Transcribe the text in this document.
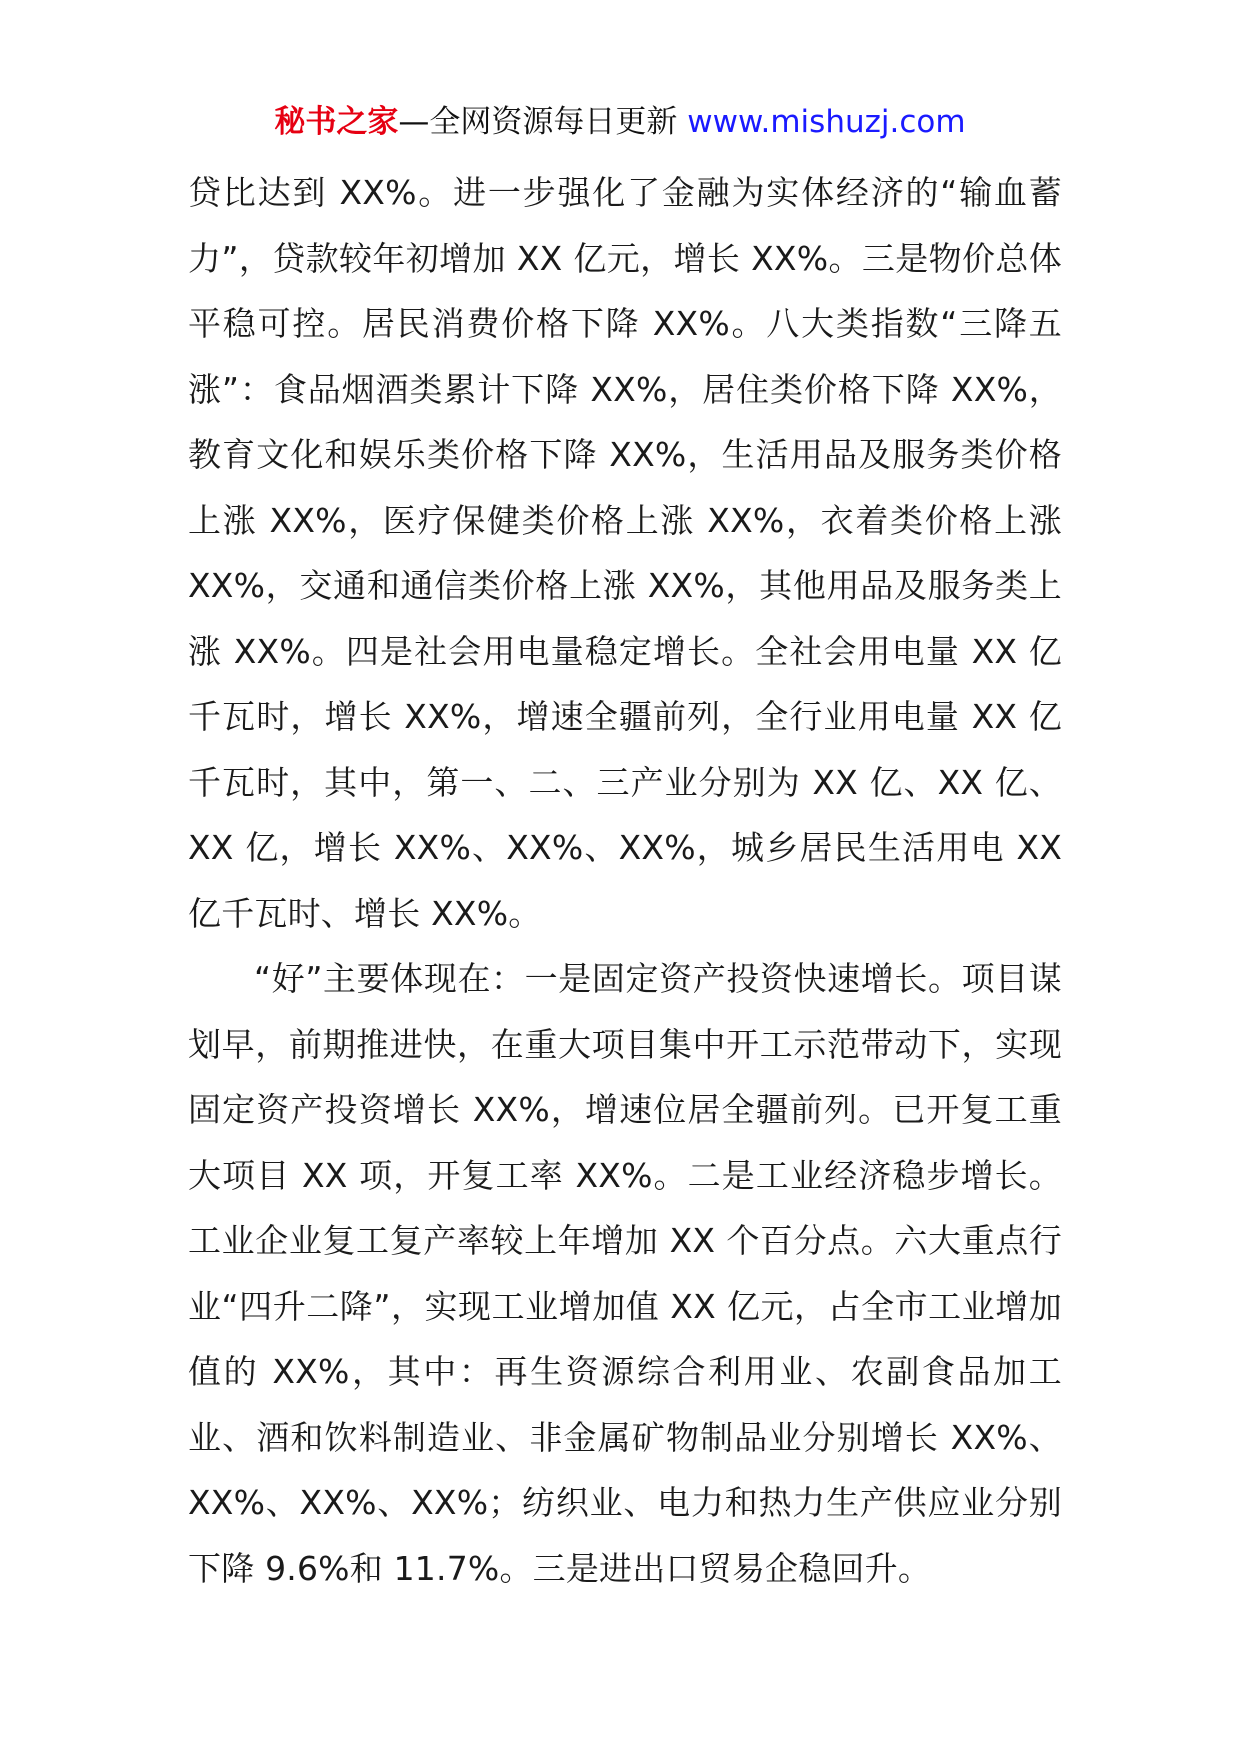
秘书之家—全网资源每日更新 www.mishuzj.com

贷比达到 XX%。进一步强化了金融为实体经济的“输血蓄力”，贷款较年初增加 XX 亿元，增长 XX%。三是物价总体平稳可控。居民消费价格下降 XX%。八大类指数“三降五涨”：食品烟酒类累计下降 XX%，居住类价格下降 XX%，教育文化和娱乐类价格下降 XX%，生活用品及服务类价格上涨 XX%，医疗保健类价格上涨 XX%，衣着类价格上涨 XX%，交通和通信类价格上涨 XX%，其他用品及服务类上涨 XX%。四是社会用电量稳定增长。全社会用电量 XX 亿千瓦时，增长 XX%，增速全疆前列，全行业用电量 XX 亿千瓦时，其中，第一、二、三产业分别为 XX 亿、XX 亿、XX 亿，增长 XX%、XX%、XX%，城乡居民生活用电 XX 亿千瓦时、增长 XX%。

“好”主要体现在：一是固定资产投资快速增长。项目谋划早，前期推进快，在重大项目集中开工示范带动下，实现固定资产投资增长 XX%，增速位居全疆前列。已开复工重大项目 XX 项，开复工率 XX%。二是工业经济稳步增长。工业企业复工复产率较上年增加 XX 个百分点。六大重点行业“四升二降”，实现工业增加值 XX 亿元，占全市工业增加值的 XX%，其中：再生资源综合利用业、农副食品加工业、酒和饮料制造业、非金属矿物制品业分别增长 XX%、XX%、XX%、XX%；纺织业、电力和热力生产供应业分别下降 9.6%和 11.7%。三是进出口贸易企稳回升。
